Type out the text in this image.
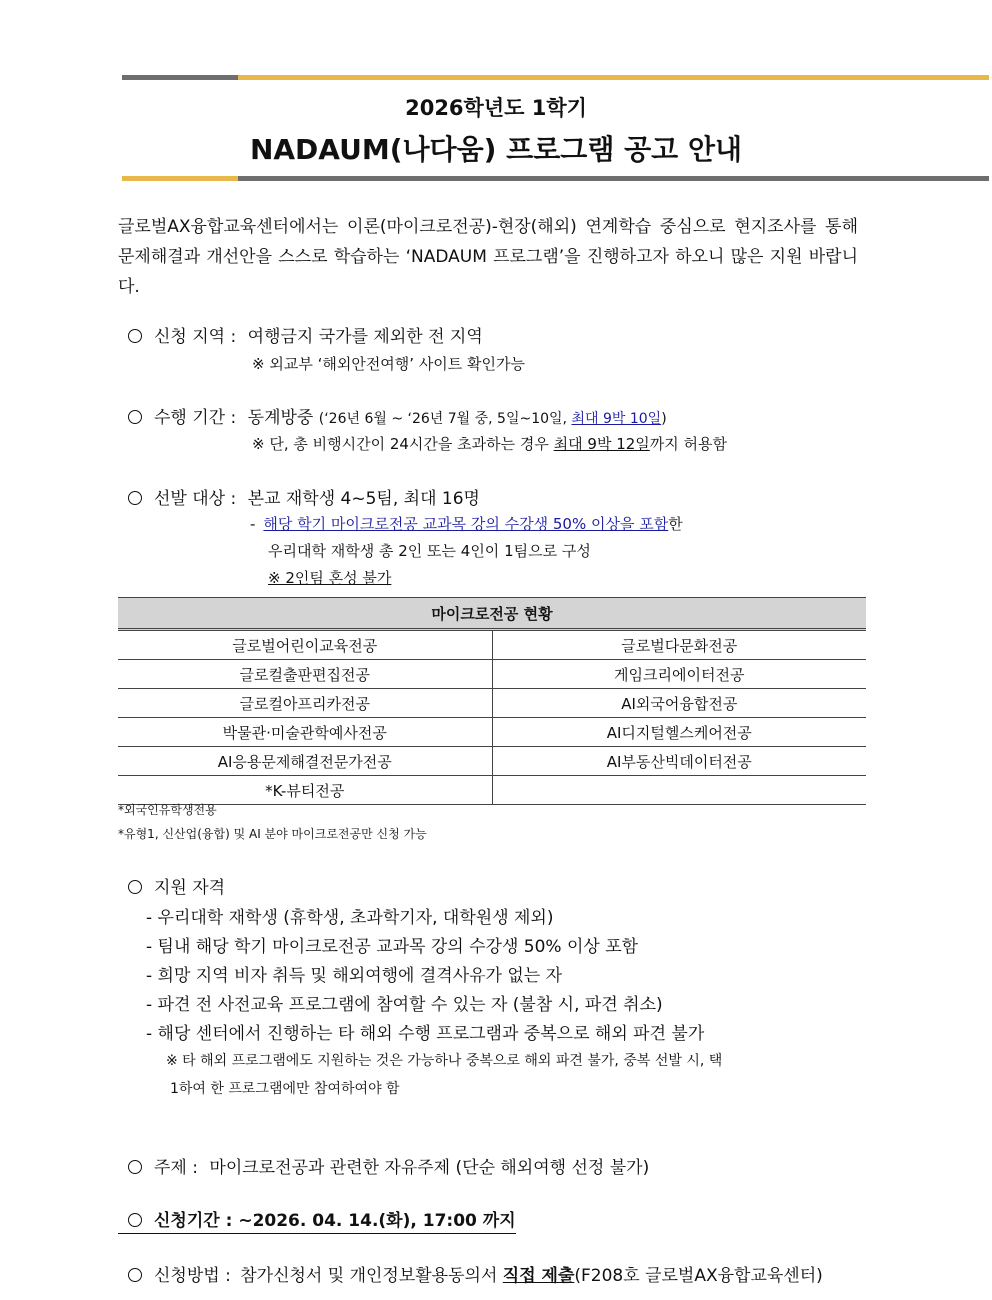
2026학년도 1학기
NADAUM(나다움) 프로그램 공고 안내
글로벌AX융합교육센터에서는 이론(마이크로전공)-현장(해외) 연계학습 중심으로 현지조사를 통해 문제해결과 개선안을 스스로 학습하는 ‘NADAUM 프로그램’을 진행하고자 하오니 많은 지원 바랍니다.
신청 지역 : 여행금지 국가를 제외한 전 지역
※ 외교부 ‘해외안전여행’ 사이트 확인가능
수행 기간 : 동계방중 (‘26년 6월 ~ ‘26년 7월 중, 5일~10일, 최대 9박 10일)
※ 단, 총 비행시간이 24시간을 초과하는 경우 최대 9박 12일까지 허용함
선발 대상 : 본교 재학생 4~5팀, 최대 16명
- 해당 학기 마이크로전공 교과목 강의 수강생 50% 이상을 포함한
우리대학 재학생 총 2인 또는 4인이 1팀으로 구성
※ 2인팀 혼성 불가
마이크로전공 현황	
글로벌어린이교육전공	글로벌다문화전공
글로컬출판편집전공	게임크리에이터전공
글로컬아프리카전공	AI외국어융합전공
박물관·미술관학예사전공	AI디지털헬스케어전공
AI응용문제해결전문가전공	AI부동산빅데이터전공
*K-뷰티전공	
*외국인유학생전용
*유형1, 신산업(융합) 및 AI 분야 마이크로전공만 신청 가능
지원 자격
- 우리대학 재학생 (휴학생, 초과학기자, 대학원생 제외)
- 팀내 해당 학기 마이크로전공 교과목 강의 수강생 50% 이상 포함
- 희망 지역 비자 취득 및 해외여행에 결격사유가 없는 자
- 파견 전 사전교육 프로그램에 참여할 수 있는 자 (불참 시, 파견 취소)
- 해당 센터에서 진행하는 타 해외 수행 프로그램과 중복으로 해외 파견 불가
※ 타 해외 프로그램에도 지원하는 것은 가능하나 중복으로 해외 파견 불가, 중복 선발 시, 택
1하여 한 프로그램에만 참여하여야 함
주제 : 마이크로전공과 관련한 자유주제 (단순 해외여행 선정 불가)
신청기간 : ~2026. 04. 14.(화), 17:00 까지
신청방법 : 참가신청서 및 개인정보활용동의서 직접 제출(F208호 글로벌AX융합교육센터)
